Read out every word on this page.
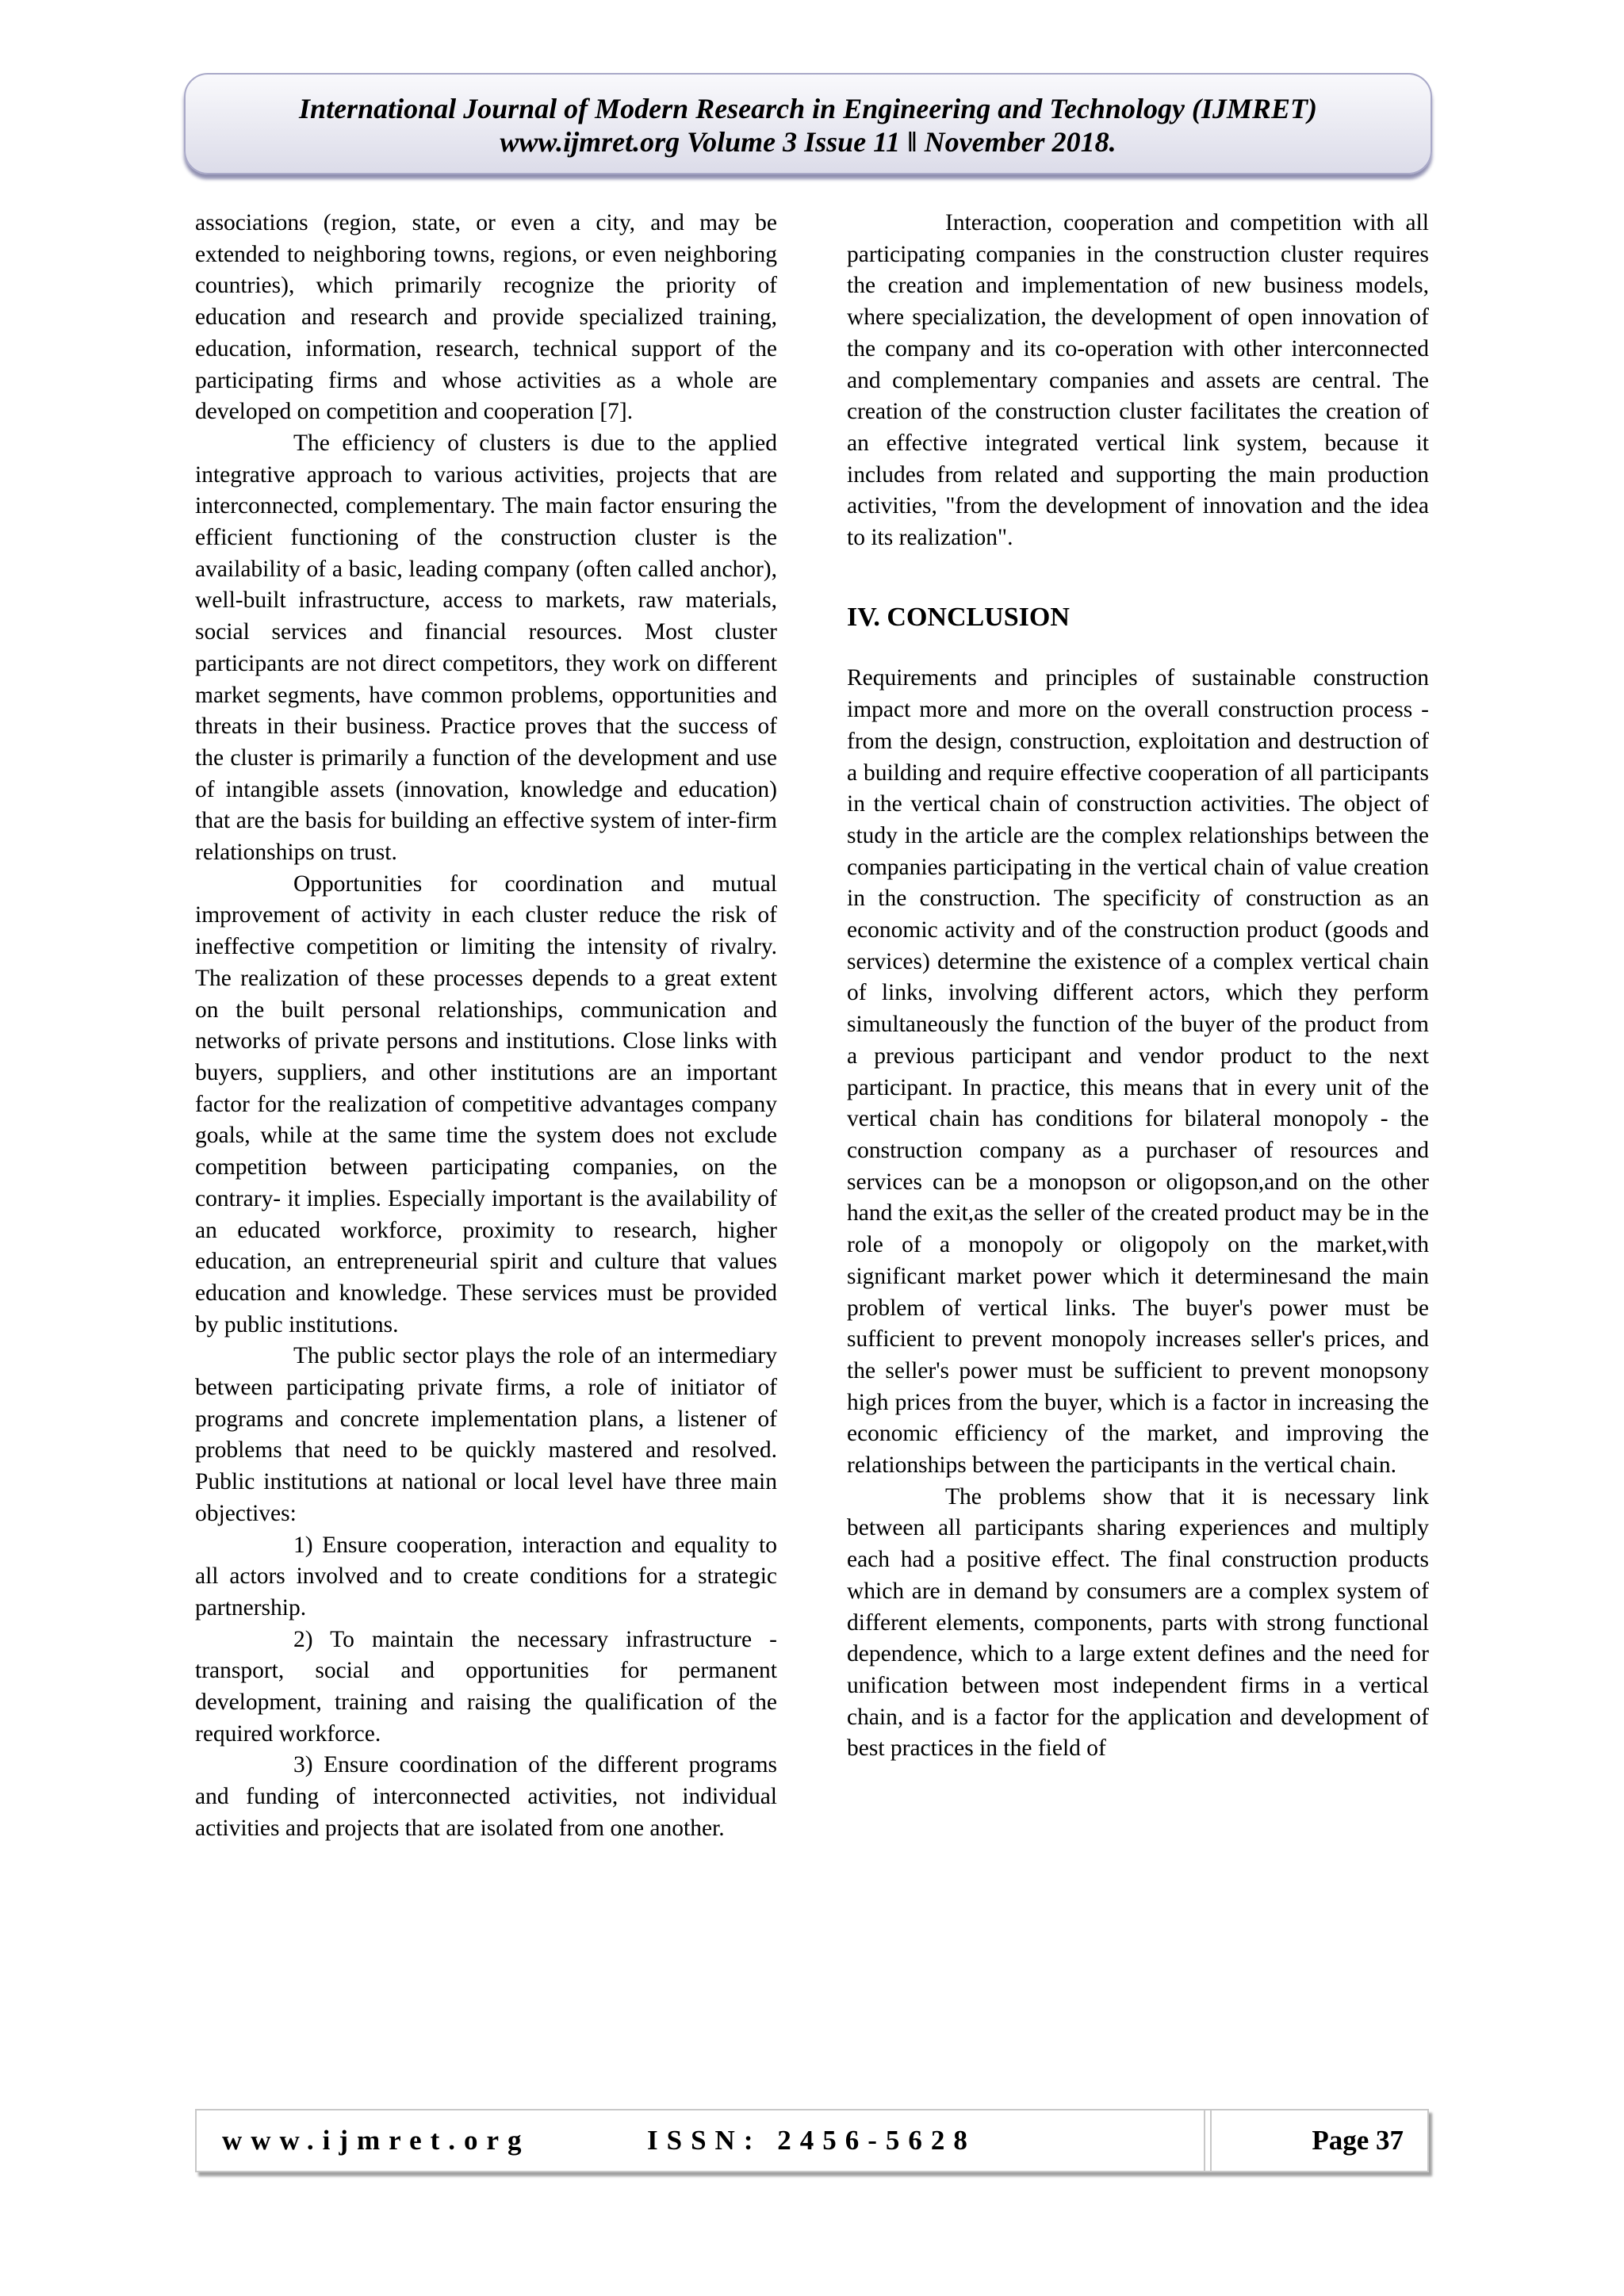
International Journal of Modern Research in Engineering and Technology (IJMRET)
www.ijmret.org Volume 3 Issue 11 ǁ November 2018.

associations (region, state, or even a city, and may be extended to neighboring towns, regions, or even neighboring countries), which primarily recognize the priority of education and research and provide specialized training, education, information, research, technical support of the participating firms and whose activities as a whole are developed on competition and cooperation [7].

The efficiency of clusters is due to the applied integrative approach to various activities, projects that are interconnected, complementary. The main factor ensuring the efficient functioning of the construction cluster is the availability of a basic, leading company (often called anchor), well-built infrastructure, access to markets, raw materials, social services and financial resources. Most cluster participants are not direct competitors, they work on different market segments, have common problems, opportunities and threats in their business. Practice proves that the success of the cluster is primarily a function of the development and use of intangible assets (innovation, knowledge and education) that are the basis for building an effective system of inter-firm relationships on trust.

Opportunities for coordination and mutual improvement of activity in each cluster reduce the risk of ineffective competition or limiting the intensity of rivalry. The realization of these processes depends to a great extent on the built personal relationships, communication and networks of private persons and institutions. Close links with buyers, suppliers, and other institutions are an important factor for the realization of competitive advantages company goals, while at the same time the system does not exclude competition between participating companies, on the contrary- it implies. Especially important is the availability of an educated workforce, proximity to research, higher education, an entrepreneurial spirit and culture that values education and knowledge. These services must be provided by public institutions.

The public sector plays the role of an intermediary between participating private firms, a role of initiator of programs and concrete implementation plans, a listener of problems that need to be quickly mastered and resolved. Public institutions at national or local level have three main objectives:

1) Ensure cooperation, interaction and equality to all actors involved and to create conditions for a strategic partnership.

2) To maintain the necessary infrastructure - transport, social and opportunities for permanent development, training and raising the qualification of the required workforce.

3) Ensure coordination of the different programs and funding of interconnected activities, not individual activities and projects that are isolated from one another.

Interaction, cooperation and competition with all participating companies in the construction cluster requires the creation and implementation of new business models, where specialization, the development of open innovation of the company and its co-operation with other interconnected and complementary companies and assets are central. The creation of the construction cluster facilitates the creation of an effective integrated vertical link system, because it includes from related and supporting the main production activities, "from the development of innovation and the idea to its realization".

IV. CONCLUSION

Requirements and principles of sustainable construction impact more and more on the overall construction process -from the design, construction, exploitation and destruction of a building and require effective cooperation of all participants in the vertical chain of construction activities. The object of study in the article are the complex relationships between the companies participating in the vertical chain of value creation in the construction. The specificity of construction as an economic activity and of the construction product (goods and services) determine the existence of a complex vertical chain of links, involving different actors, which they perform simultaneously the function of the buyer of the product from a previous participant and vendor product to the next participant. In practice, this means that in every unit of the vertical chain has conditions for bilateral monopoly - the construction company as a purchaser of resources and services can be a monopson or oligopson,and on the other hand the exit,as the seller of the created product may be in the role of a monopoly or oligopoly on the market,with significant market power which it determinesand the main problem of vertical links. The buyer's power must be sufficient to prevent monopoly increases seller's prices, and the seller's power must be sufficient to prevent monopsony high prices from the buyer, which is a factor in increasing the economic efficiency of the market, and improving the relationships between the participants in the vertical chain.

The problems show that it is necessary link between all participants sharing experiences and multiply each had a positive effect. The final construction products which are in demand by consumers are a complex system of different elements, components, parts with strong functional dependence, which to a large extent defines and the need for unification between most independent firms in a vertical chain, and is a factor for the application and development of best practices in the field of

www.ijmret.org	ISSN: 2456-5628	Page 37
